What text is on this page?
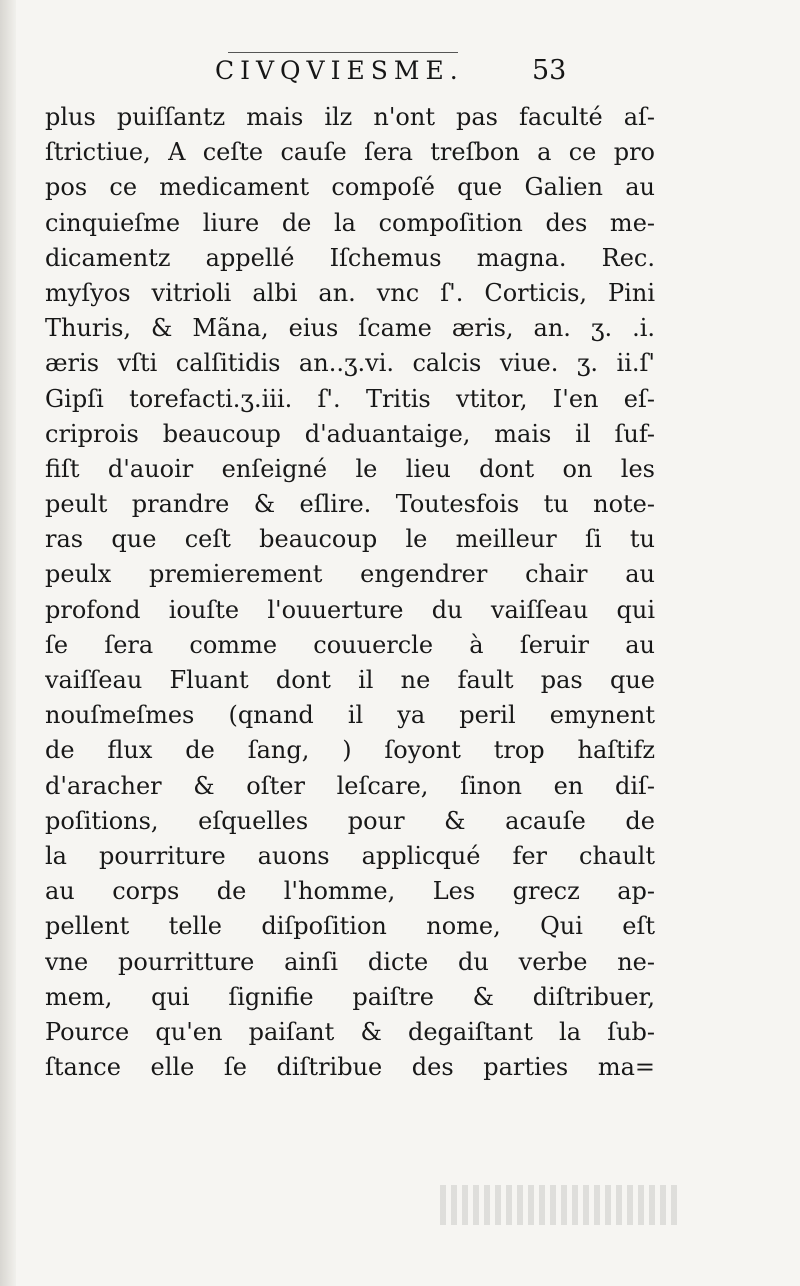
CIVQVIESME.	53
plus puiſſantz mais ilz n'ont pas faculté aſ-
ſtrictiue, A ceſte cauſe ſera treſbon a ce pro
pos ce medicament compoſé que Galien au
cinquieſme liure de la compoſition des me-
dicamentz appellé Iſchemus magna. Rec.
myſyos vitrioli albi an. vnc ſ'. Corticis, Pini
Thuris, & Mãna, eius ſcame æris, an. ʒ. .i.
æris vſti calſitidis an..ʒ.vi. calcis viue. ʒ. ii.ſ'
Gipſi torefacti.ʒ.iii. ſ'. Tritis vtitor, I'en eſ-
criprois beaucoup d'aduantaige, mais il ſuf-
fiſt d'auoir enſeigné le lieu dont on les
peult prandre & eſlire. Toutesfois tu note-
ras que ceſt beaucoup le meilleur ſi tu
peulx premierement engendrer chair au
profond iouſte l'ouuerture du vaiſſeau qui
ſe ſera comme couuercle à ſeruir au
vaiſſeau Fluant dont il ne fault pas que
nouſmeſmes (qnand il ya peril emynent
de flux de ſang, ) ſoyont trop haſtifz
d'aracher & oſter leſcare, ſinon en diſ-
poſitions, eſquelles pour & acauſe de
la pourriture auons applicqué fer chault
au corps de l'homme, Les grecz ap-
pellent telle diſpoſition nome, Qui eſt
vne pourritture ainſi dicte du verbe ne-
mem, qui ſignifie paiſtre & diſtribuer,
Pource qu'en paiſant & degaiſtant la ſub-
ſtance elle ſe diſtribue des parties ma=
